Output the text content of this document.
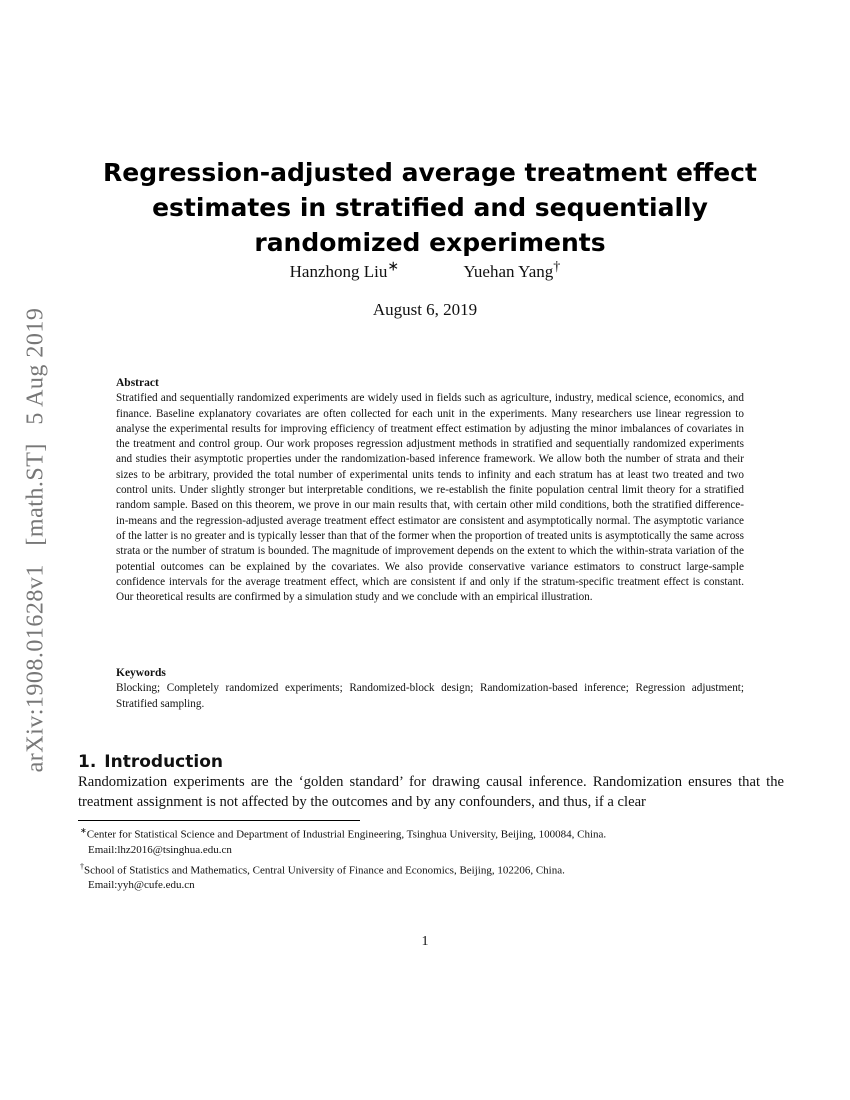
arXiv:1908.01628v1 [math.ST] 5 Aug 2019
Regression-adjusted average treatment effect estimates in stratified and sequentially randomized experiments
Hanzhong Liu∗	Yuehan Yang†
August 6, 2019
Abstract

Stratified and sequentially randomized experiments are widely used in fields such as agriculture, industry, medical science, economics, and finance. Baseline explanatory covariates are often collected for each unit in the experiments. Many researchers use linear regression to analyse the experimental results for improving efficiency of treatment effect estimation by adjusting the minor imbalances of covariates in the treatment and control group. Our work proposes regression adjustment methods in stratified and sequentially randomized experiments and studies their asymptotic properties under the randomization-based inference framework. We allow both the number of strata and their sizes to be arbitrary, provided the total number of experimental units tends to infinity and each stratum has at least two treated and two control units. Under slightly stronger but interpretable conditions, we re-establish the finite population central limit theory for a stratified random sample. Based on this theorem, we prove in our main results that, with certain other mild conditions, both the stratified difference-in-means and the regression-adjusted average treatment effect estimator are consistent and asymptotically normal. The asymptotic variance of the latter is no greater and is typically lesser than that of the former when the proportion of treated units is asymptotically the same across strata or the number of stratum is bounded. The magnitude of improvement depends on the extent to which the within-strata variation of the potential outcomes can be explained by the covariates. We also provide conservative variance estimators to construct large-sample confidence intervals for the average treatment effect, which are consistent if and only if the stratum-specific treatment effect is constant. Our theoretical results are confirmed by a simulation study and we conclude with an empirical illustration.

Keywords

Blocking; Completely randomized experiments; Randomized-block design; Randomization-based inference; Regression adjustment; Stratified sampling.

1. Introduction

Randomization experiments are the ‘golden standard’ for drawing causal inference. Randomization ensures that the treatment assignment is not affected by the outcomes and by any confounders, and thus, if a clear

∗Center for Statistical Science and Department of Industrial Engineering, Tsinghua University, Beijing, 100084, China.
Email:lhz2016@tsinghua.edu.cn

†School of Statistics and Mathematics, Central University of Finance and Economics, Beijing, 102206, China.
Email:yyh@cufe.edu.cn

1
